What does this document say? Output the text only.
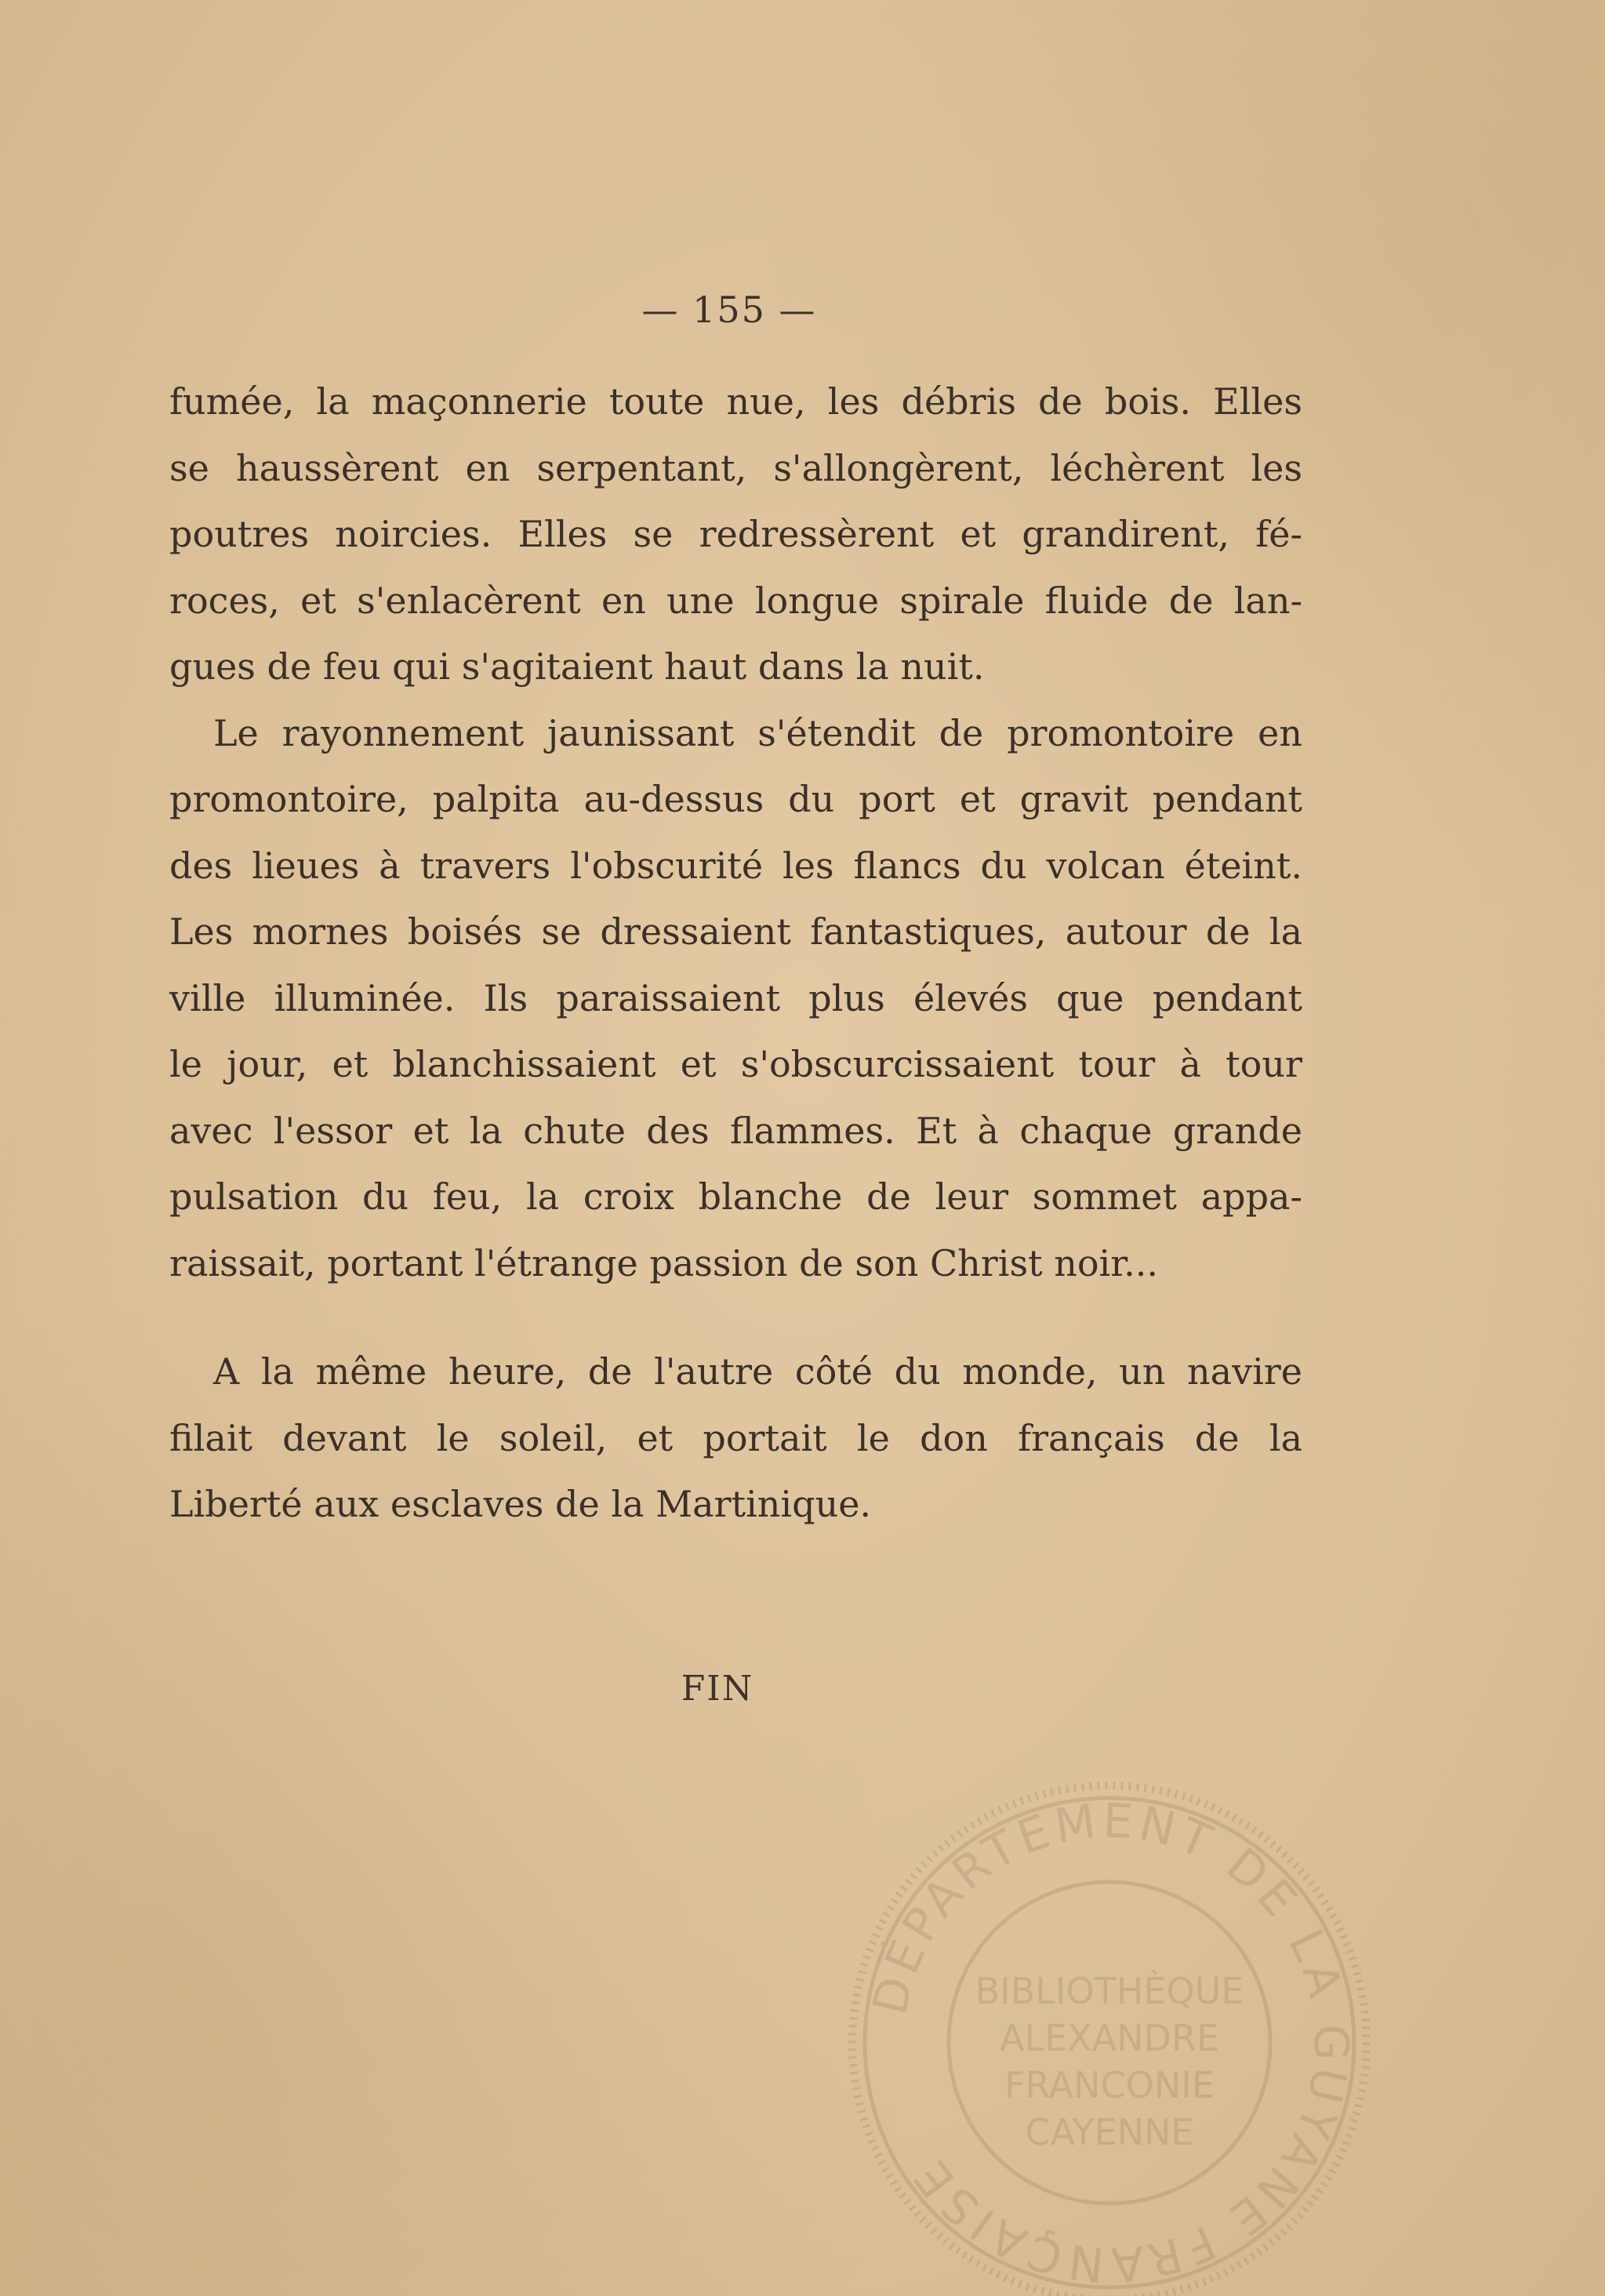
— 155 —
fumée, la maçonnerie toute nue, les débris de bois. Elles
se haussèrent en serpentant, s'allongèrent, léchèrent les
poutres noircies. Elles se redressèrent et grandirent, fé-
roces, et s'enlacèrent en une longue spirale fluide de lan-
gues de feu qui s'agitaient haut dans la nuit.
Le rayonnement jaunissant s'étendit de promontoire en
promontoire, palpita au-dessus du port et gravit pendant
des lieues à travers l'obscurité les flancs du volcan éteint.
Les mornes boisés se dressaient fantastiques, autour de la
ville illuminée. Ils paraissaient plus élevés que pendant
le jour, et blanchissaient et s'obscurcissaient tour à tour
avec l'essor et la chute des flammes. Et à chaque grande
pulsation du feu, la croix blanche de leur sommet appa-
raissait, portant l'étrange passion de son Christ noir...
A la même heure, de l'autre côté du monde, un navire
filait devant le soleil, et portait le don français de la
Liberté aux esclaves de la Martinique.
FIN
DÉPARTEMENT DE LA GUYANE FRANÇAISE
BIBLIOTHÈQUE
ALEXANDRE
FRANCONIE
CAYENNE
